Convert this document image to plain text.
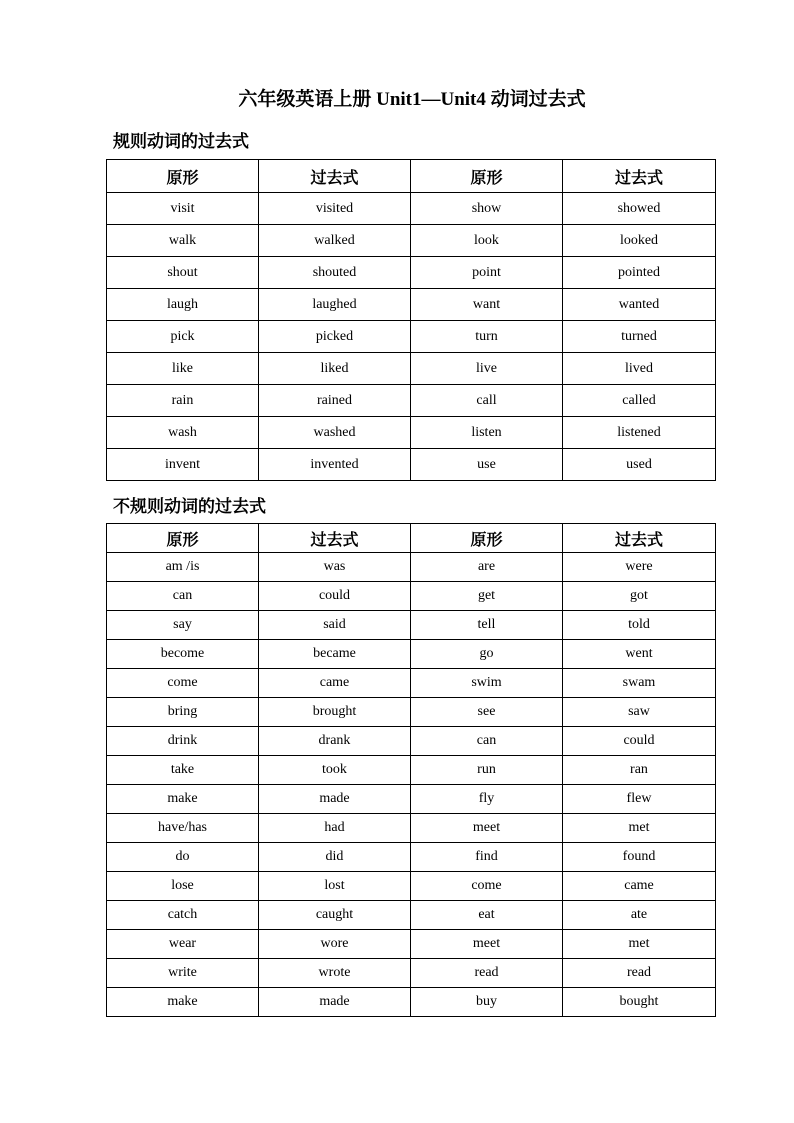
六年级英语上册 Unit1—Unit4 动词过去式
规则动词的过去式
原形	过去式	原形	过去式
visit	visited	show	showed
walk	walked	look	looked
shout	shouted	point	pointed
laugh	laughed	want	wanted
pick	picked	turn	turned
like	liked	live	lived
rain	rained	call	called
wash	washed	listen	listened
invent	invented	use	used
不规则动词的过去式
原形	过去式	原形	过去式
am /is	was	are	were
can	could	get	got
say	said	tell	told
become	became	go	went
come	came	swim	swam
bring	brought	see	saw
drink	drank	can	could
take	took	run	ran
make	made	fly	flew
have/has	had	meet	met
do	did	find	found
lose	lost	come	came
catch	caught	eat	ate
wear	wore	meet	met
write	wrote	read	read
make	made	buy	bought
